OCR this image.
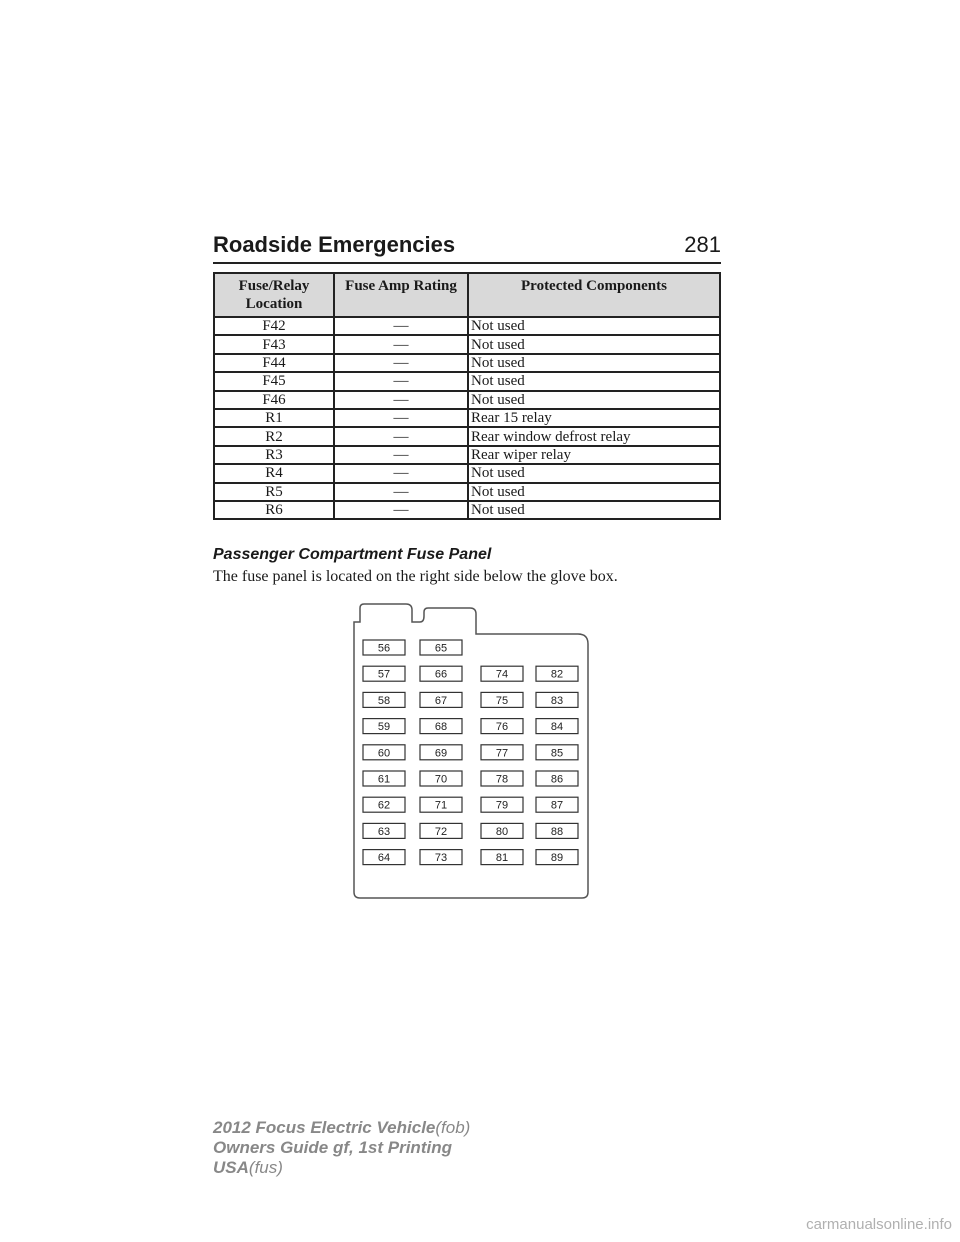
Roadside Emergencies	281
Fuse/Relay Location	Fuse Amp Rating	Protected Components
F42	—	Not used
F43	—	Not used
F44	—	Not used
F45	—	Not used
F46	—	Not used
R1	—	Rear 15 relay
R2	—	Rear window defrost relay
R3	—	Rear wiper relay
R4	—	Not used
R5	—	Not used
R6	—	Not used
Passenger Compartment Fuse Panel
The fuse panel is located on the right side below the glove box.
56
57
58
59
60
61
62
63
64
65
66
67
68
69
70
71
72
73
74
75
76
77
78
79
80
81
82
83
84
85
86
87
88
89
2012 Focus Electric Vehicle(fob)
Owners Guide gf, 1st Printing
USA(fus)
carmanualsonline.info
